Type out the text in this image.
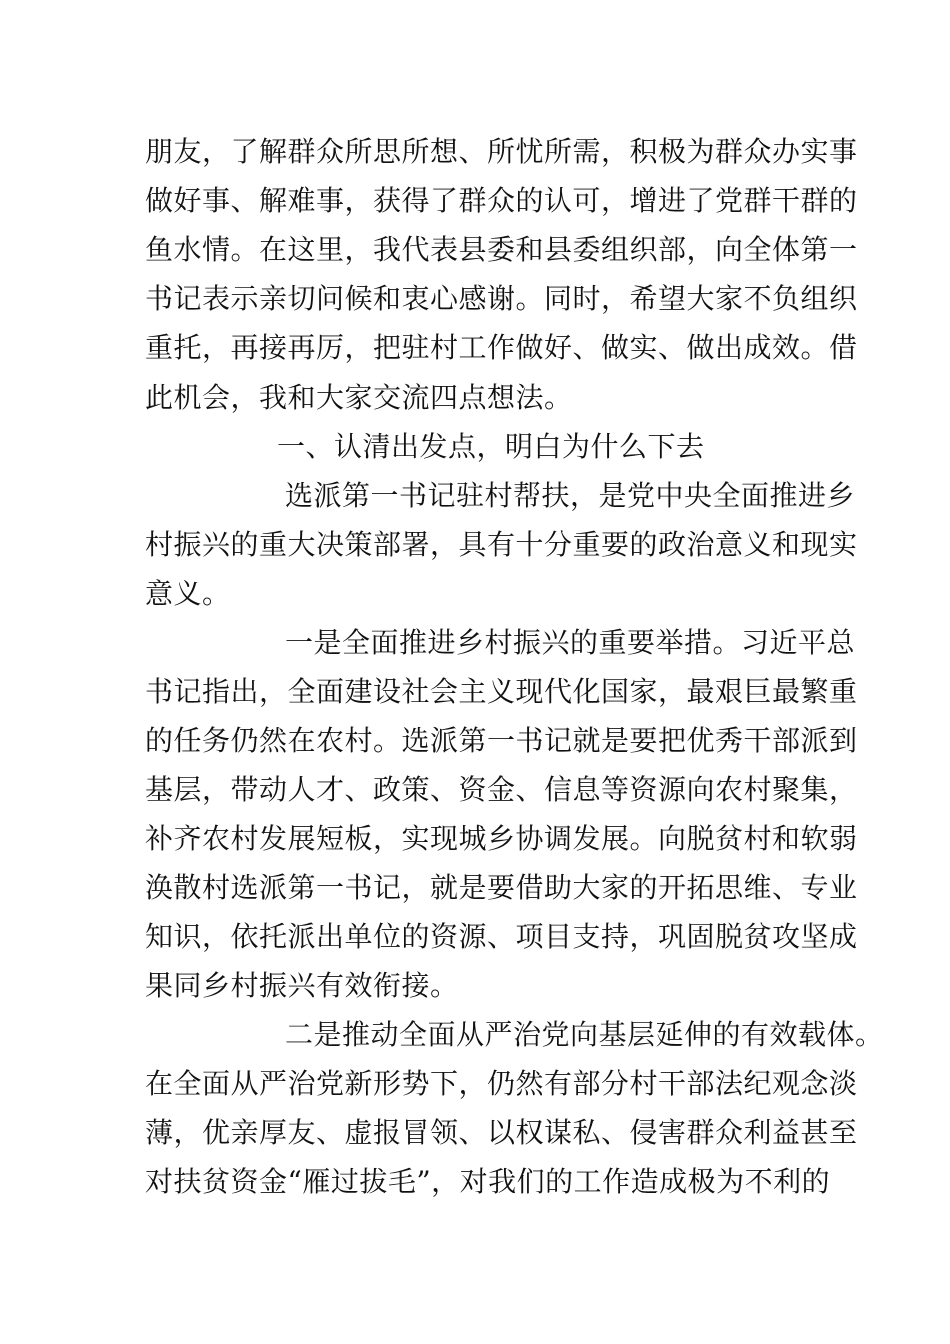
朋友，了解群众所思所想、所忧所需，积极为群众办实事
做好事、解难事，获得了群众的认可，增进了党群干群的
鱼水情。在这里，我代表县委和县委组织部，向全体第一
书记表示亲切问候和衷心感谢。同时，希望大家不负组织
重托，再接再厉，把驻村工作做好、做实、做出成效。借
此机会，我和大家交流四点想法。
一、认清出发点，明白为什么下去
选派第一书记驻村帮扶，是党中央全面推进乡
村振兴的重大决策部署，具有十分重要的政治意义和现实
意义。
一是全面推进乡村振兴的重要举措。习近平总
书记指出，全面建设社会主义现代化国家，最艰巨最繁重
的任务仍然在农村。选派第一书记就是要把优秀干部派到
基层，带动人才、政策、资金、信息等资源向农村聚集，
补齐农村发展短板，实现城乡协调发展。向脱贫村和软弱
涣散村选派第一书记，就是要借助大家的开拓思维、专业
知识，依托派出单位的资源、项目支持，巩固脱贫攻坚成
果同乡村振兴有效衔接。
二是推动全面从严治党向基层延伸的有效载体。
在全面从严治党新形势下，仍然有部分村干部法纪观念淡
薄，优亲厚友、虚报冒领、以权谋私、侵害群众利益甚至
对扶贫资金“雁过拔毛”，对我们的工作造成极为不利的
